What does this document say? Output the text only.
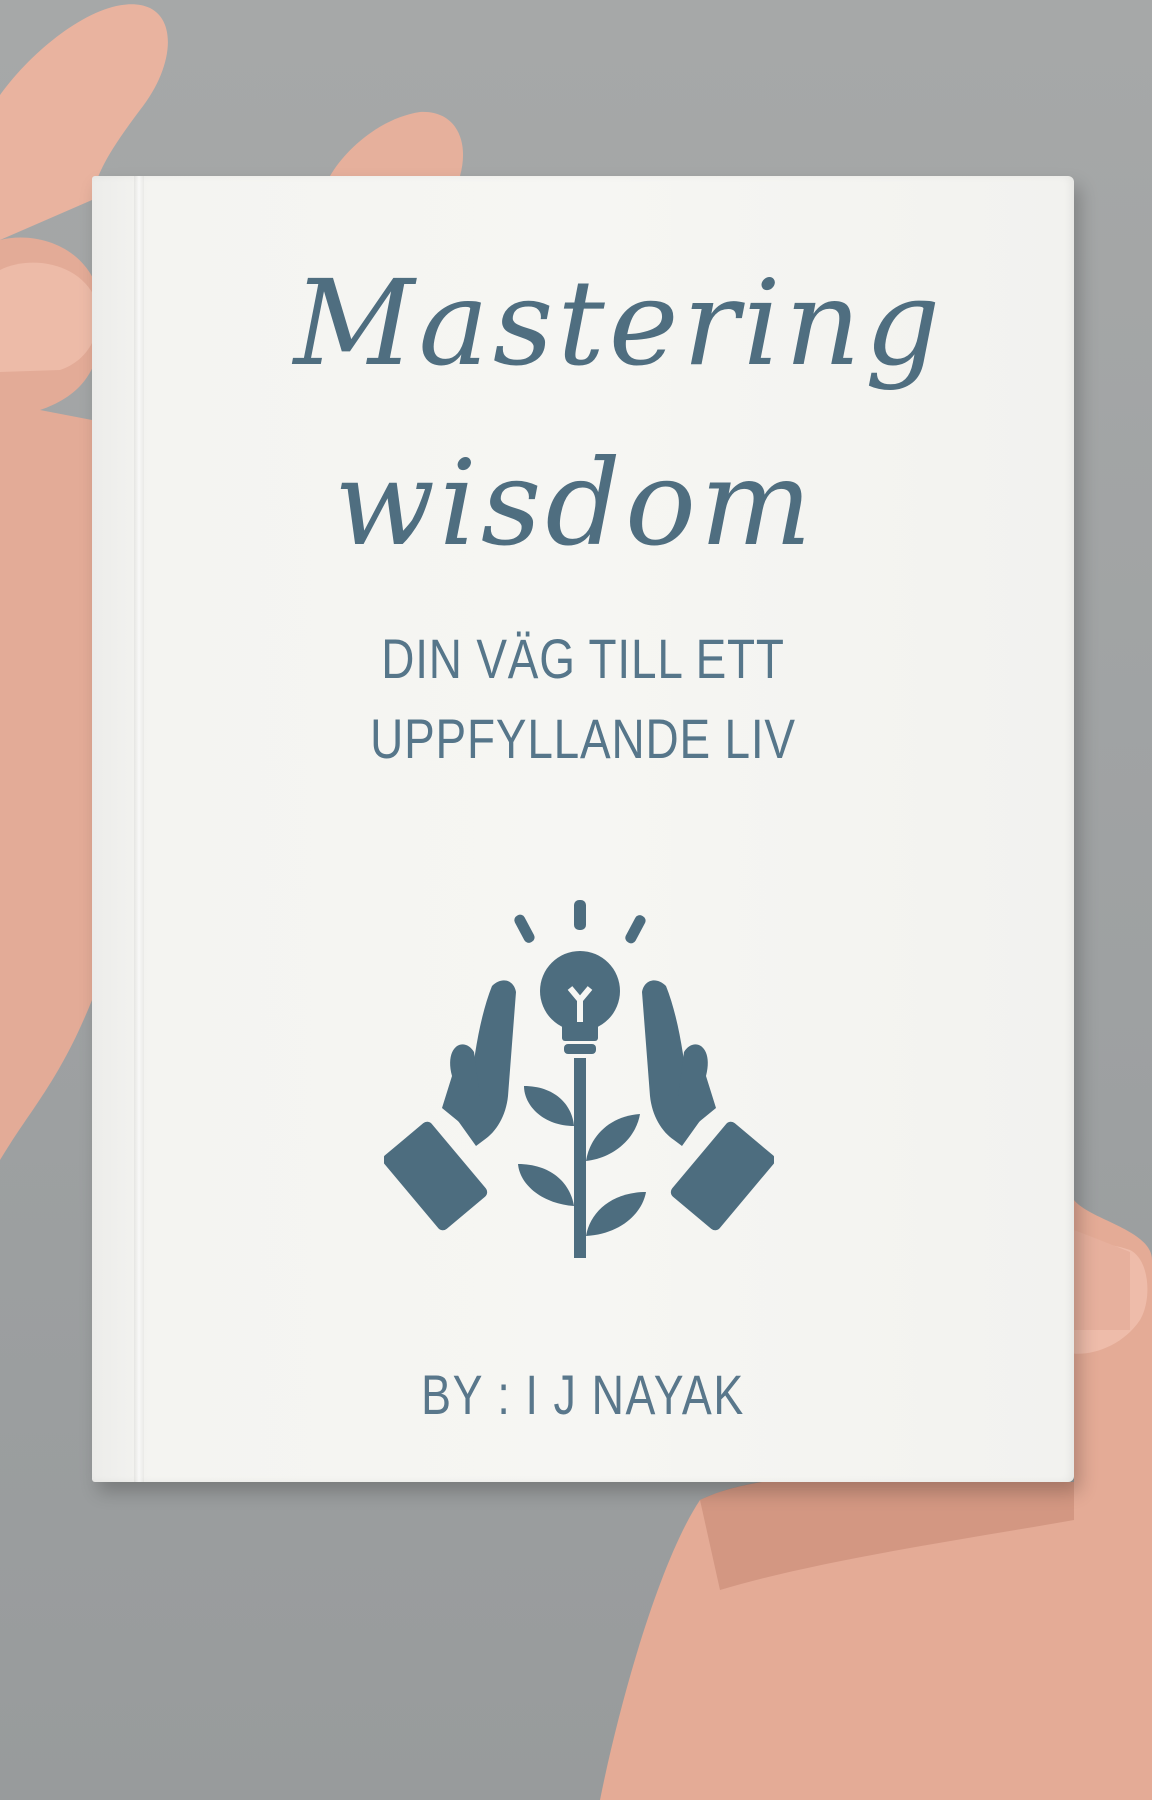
Mastering
wisdom
DIN VÄG TILL ETT
UPPFYLLANDE LIV
BY : I J NAYAK
